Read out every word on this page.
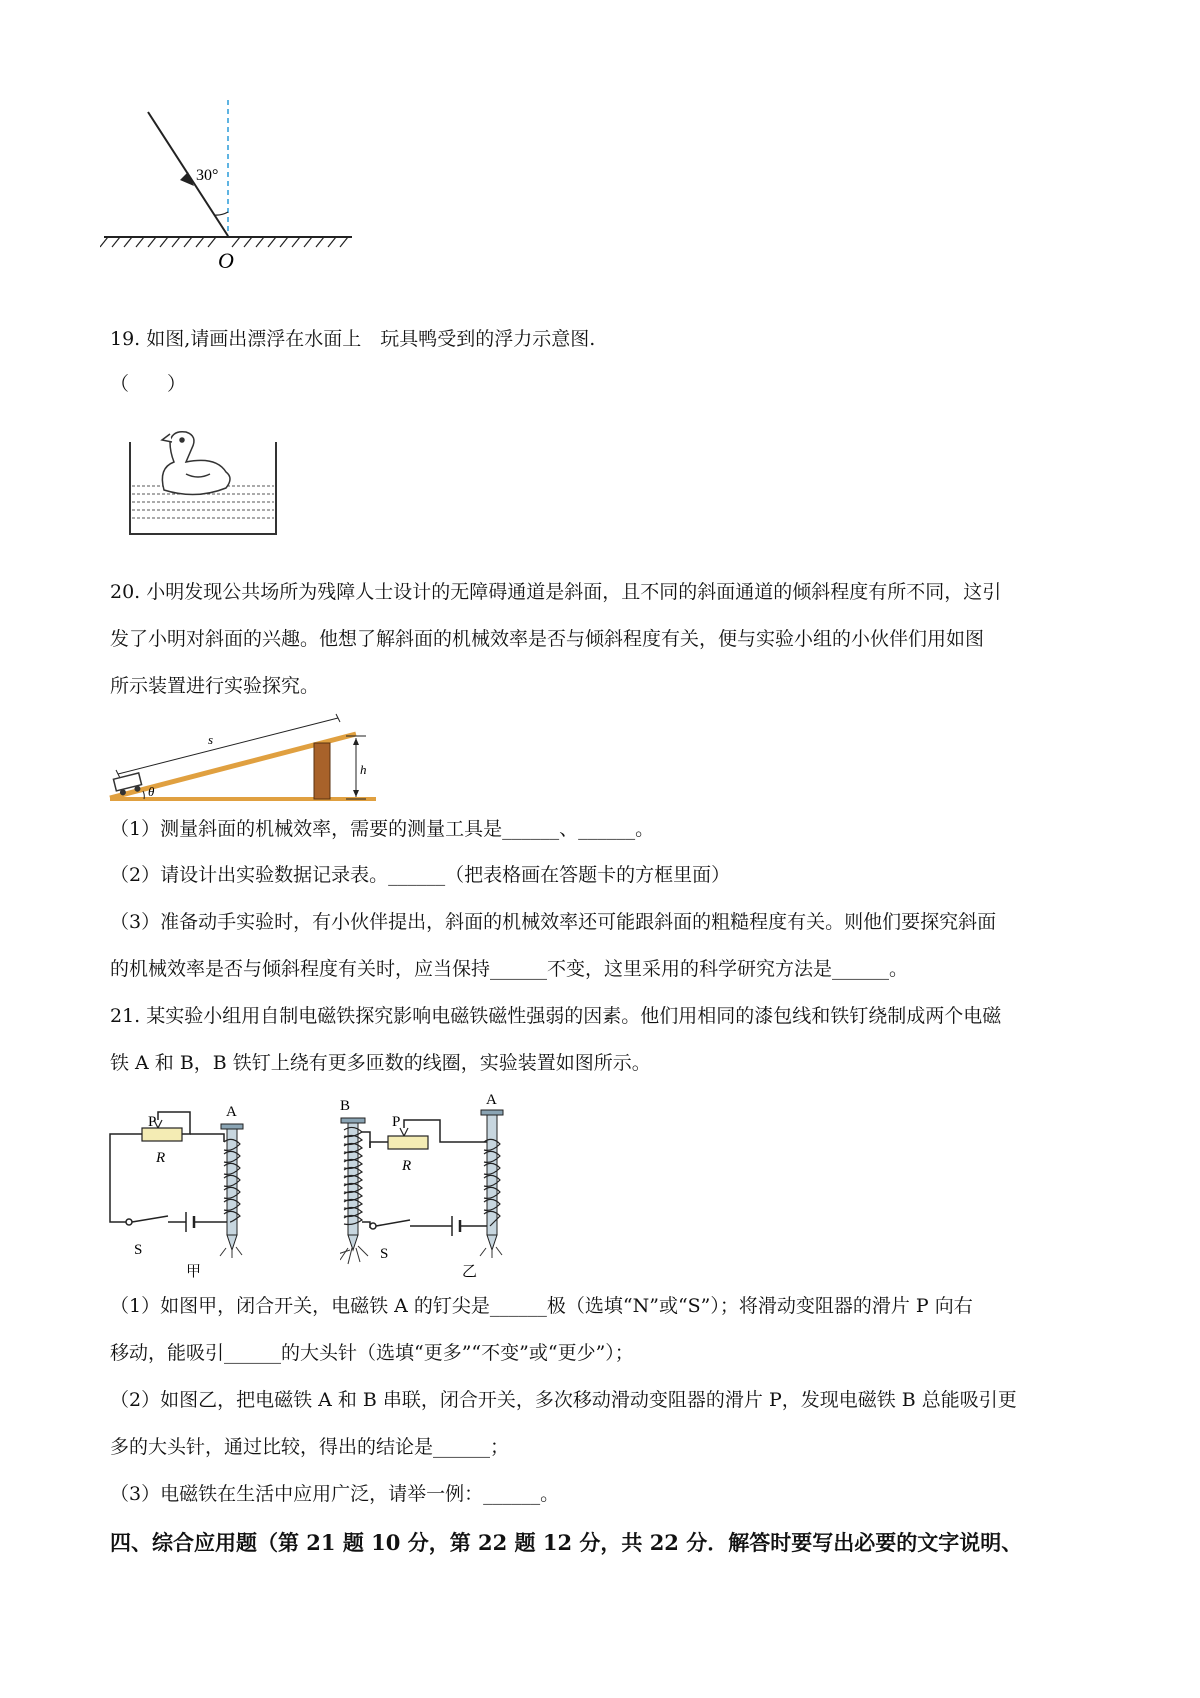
30°
O
19. 如图,请画出漂浮在水面上　玩具鸭受到的浮力示意图.
（　　）
20. 小明发现公共场所为残障人士设计的无障碍通道是斜面，且不同的斜面通道的倾斜程度有所不同，这引
发了小明对斜面的兴趣。他想了解斜面的机械效率是否与倾斜程度有关，便与实验小组的小伙伴们用如图
所示装置进行实验探究。
s
h
θ
（1）测量斜面的机械效率，需要的测量工具是______、______。
（2）请设计出实验数据记录表。______（把表格画在答题卡的方框里面）
（3）准备动手实验时，有小伙伴提出，斜面的机械效率还可能跟斜面的粗糙程度有关。则他们要探究斜面
的机械效率是否与倾斜程度有关时，应当保持______不变，这里采用的科学研究方法是______。
21. 某实验小组用自制电磁铁探究影响电磁铁磁性强弱的因素。他们用相同的漆包线和铁钉绕制成两个电磁
铁 A 和 B，B 铁钉上绕有更多匝数的线圈，实验装置如图所示。
P
R
A
S
甲
B
P
R
A
S
乙
（1）如图甲，闭合开关，电磁铁 A 的钉尖是______极（选填“N”或“S”）；将滑动变阻器的滑片 P 向右
移动，能吸引______的大头针（选填“更多”“不变”或“更少”）；
（2）如图乙，把电磁铁 A 和 B 串联，闭合开关，多次移动滑动变阻器的滑片 P，发现电磁铁 B 总能吸引更
多的大头针，通过比较，得出的结论是______；
（3）电磁铁在生活中应用广泛，请举一例：______。
四、综合应用题（第 21 题 10 分，第 22 题 12 分，共 22 分．解答时要写出必要的文字说明、
